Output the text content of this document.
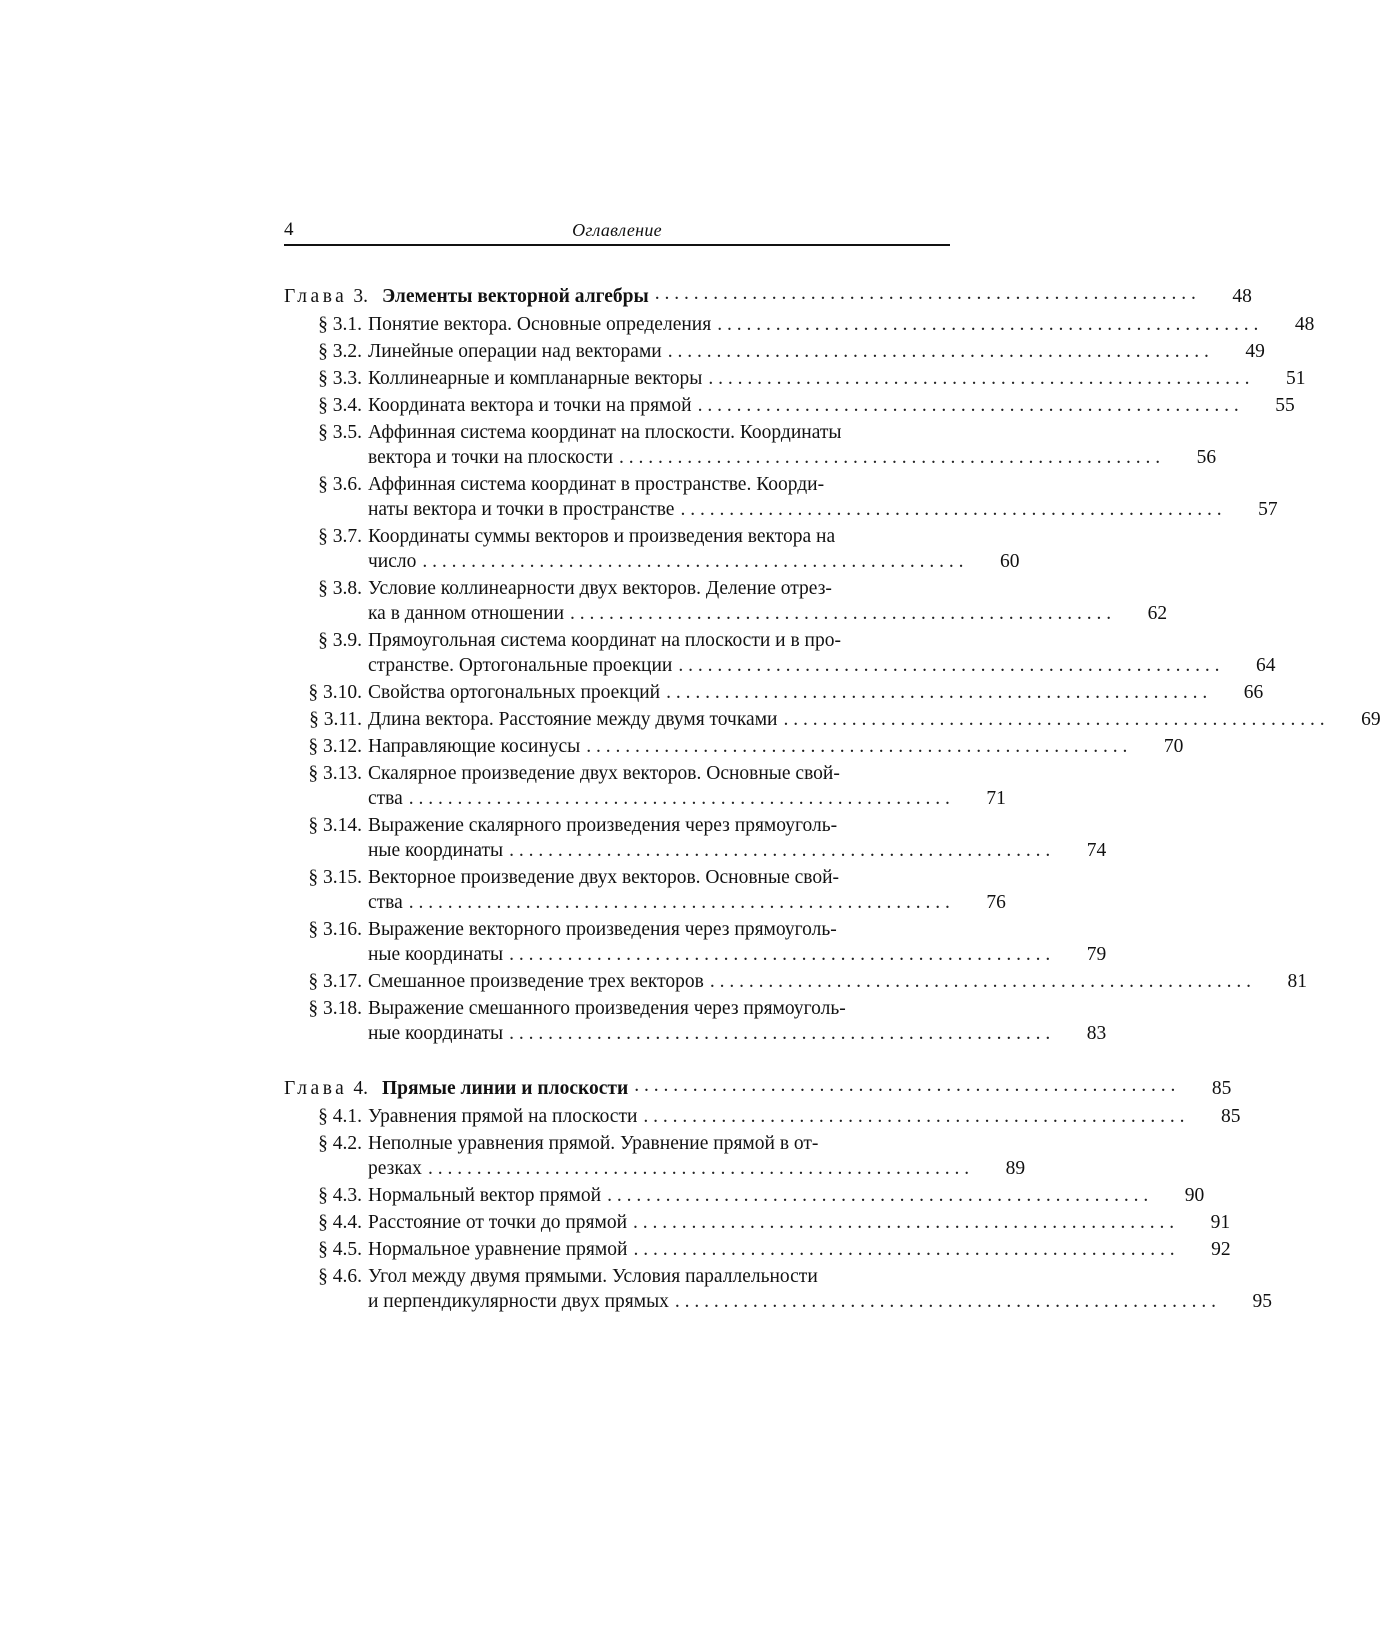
4	Оглавление
Глава 3. Элементы векторной алгебры . . .	48
§ 3.1. Понятие вектора. Основные определения . . .	48
§ 3.2. Линейные операции над векторами . . .	49
§ 3.3. Коллинеарные и компланарные векторы . . .	51
§ 3.4. Координата вектора и точки на прямой . . .	55
§ 3.5. Аффинная система координат на плоскости. Координаты
вектора и точки на плоскости . . .	56
§ 3.6. Аффинная система координат в пространстве. Коорди-
наты вектора и точки в пространстве . . .	57
§ 3.7. Координаты суммы векторов и произведения вектора на
число . . .	60
§ 3.8. Условие коллинеарности двух векторов. Деление отрез-
ка в данном отношении . . .	62
§ 3.9. Прямоугольная система координат на плоскости и в про-
странстве. Ортогональные проекции . . .	64
§ 3.10. Свойства ортогональных проекций . . .	66
§ 3.11. Длина вектора. Расстояние между двумя точками . . .	69
§ 3.12. Направляющие косинусы . . .	70
§ 3.13. Скалярное произведение двух векторов. Основные свой-
ства . . .	71
§ 3.14. Выражение скалярного произведения через прямоуголь-
ные координаты . . .	74
§ 3.15. Векторное произведение двух векторов. Основные свой-
ства . . .	76
§ 3.16. Выражение векторного произведения через прямоуголь-
ные координаты . . .	79
§ 3.17. Смешанное произведение трех векторов . . .	81
§ 3.18. Выражение смешанного произведения через прямоуголь-
ные координаты . . .	83
Глава 4. Прямые линии и плоскости . . .	85
§ 4.1. Уравнения прямой на плоскости . . .	85
§ 4.2. Неполные уравнения прямой. Уравнение прямой в от-
резках . . .	89
§ 4.3. Нормальный вектор прямой . . .	90
§ 4.4. Расстояние от точки до прямой . . .	91
§ 4.5. Нормальное уравнение прямой . . .	92
§ 4.6. Угол между двумя прямыми. Условия параллельности
и перпендикулярности двух прямых . . .	95
